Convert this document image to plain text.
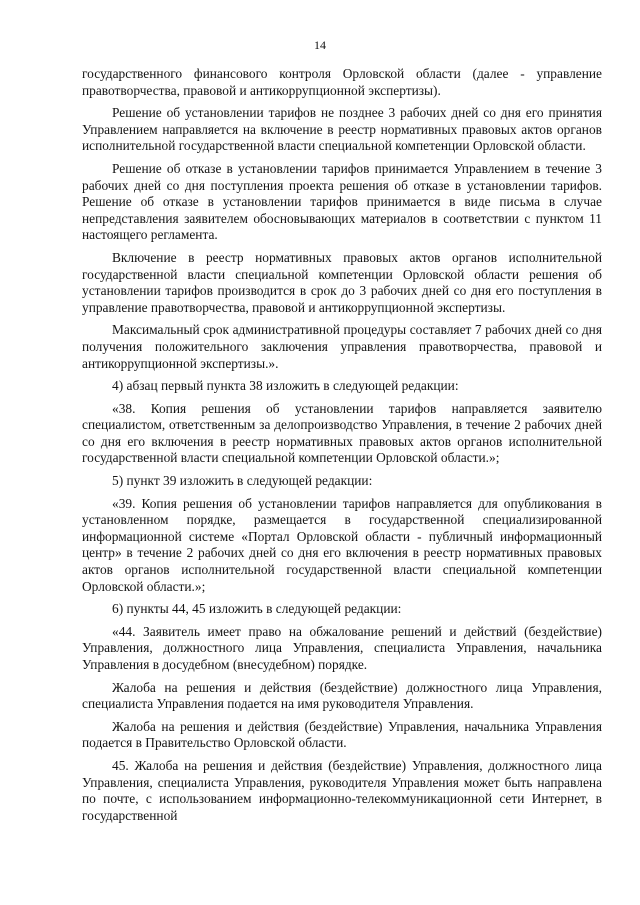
14

государственного финансового контроля Орловской области (далее - управление правотворчества, правовой и антикоррупционной экспертизы).

Решение об установлении тарифов не позднее 3 рабочих дней со дня его принятия Управлением направляется на включение в реестр нормативных правовых актов органов исполнительной государственной власти специальной компетенции Орловской области.

Решение об отказе в установлении тарифов принимается Управлением в течение 3 рабочих дней со дня поступления проекта решения об отказе в установлении тарифов. Решение об отказе в установлении тарифов принимается в виде письма в случае непредставления заявителем обосновывающих материалов в соответствии с пунктом 11 настоящего регламента.

Включение в реестр нормативных правовых актов органов исполнительной государственной власти специальной компетенции Орловской области решения об установлении тарифов производится в срок до 3 рабочих дней со дня его поступления в управление правотворчества, правовой и антикоррупционной экспертизы.

Максимальный срок административной процедуры составляет 7 рабочих дней со дня получения положительного заключения управления правотворчества, правовой и антикоррупционной экспертизы.».

4) абзац первый пункта 38 изложить в следующей редакции:

«38. Копия решения об установлении тарифов направляется заявителю специалистом, ответственным за делопроизводство Управления, в течение 2 рабочих дней со дня его включения в реестр нормативных правовых актов органов исполнительной государственной власти специальной компетенции Орловской области.»;

5) пункт 39 изложить в следующей редакции:

«39. Копия решения об установлении тарифов направляется для опубликования в установленном порядке, размещается в государственной специализированной информационной системе «Портал Орловской области - публичный информационный центр» в течение 2 рабочих дней со дня его включения в реестр нормативных правовых актов органов исполнительной государственной власти специальной компетенции Орловской области.»;

6) пункты 44, 45 изложить в следующей редакции:

«44. Заявитель имеет право на обжалование решений и действий (бездействие) Управления, должностного лица Управления, специалиста Управления, начальника Управления в досудебном (внесудебном) порядке.

Жалоба на решения и действия (бездействие) должностного лица Управления, специалиста Управления подается на имя руководителя Управления.

Жалоба на решения и действия (бездействие) Управления, начальника Управления подается в Правительство Орловской области.

45. Жалоба на решения и действия (бездействие) Управления, должностного лица Управления, специалиста Управления, руководителя Управления может быть направлена по почте, с использованием информационно-телекоммуникационной сети Интернет, в государственной
